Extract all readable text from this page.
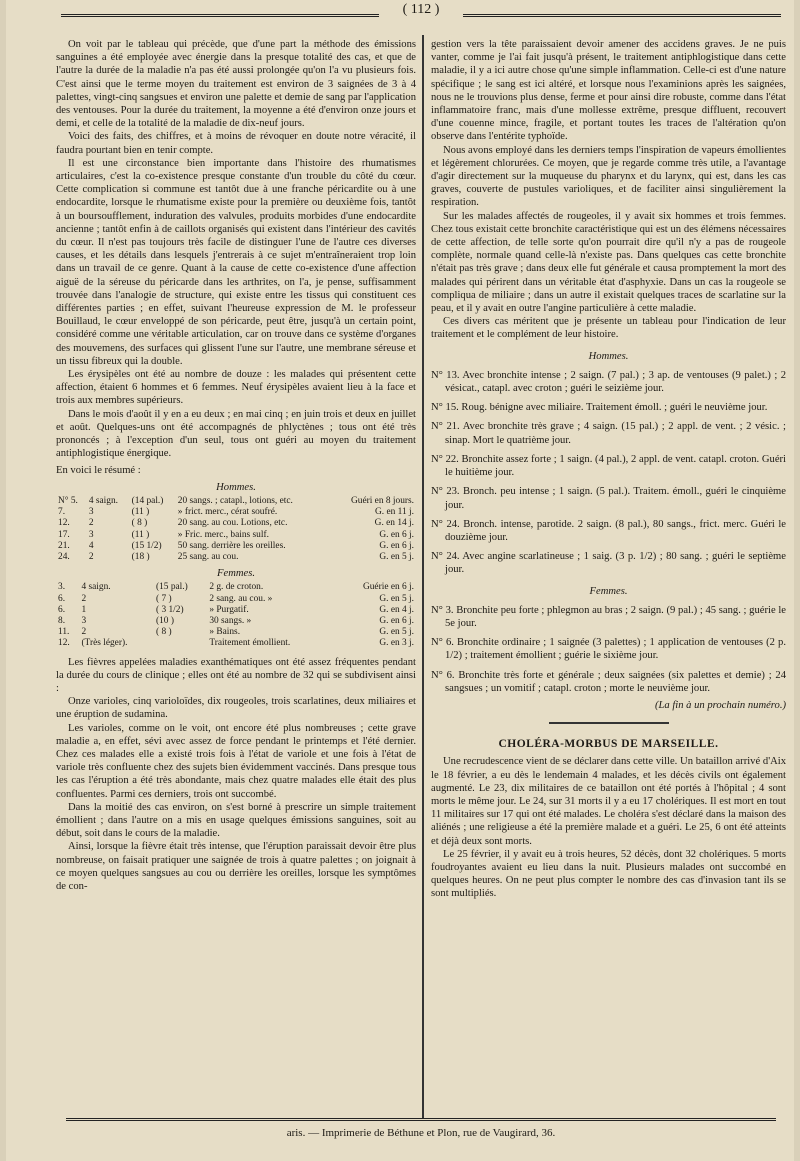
( 112 )

On voit par le tableau qui précède, que d'une part la méthode des émissions sanguines a été employée avec énergie dans la presque totalité des cas, et que de l'autre la durée de la maladie n'a pas été aussi prolongée qu'on l'a vu plusieurs fois. C'est ainsi que le terme moyen du traitement est environ de 3 saignées de 3 à 4 palettes, vingt-cinq sangsues et environ une palette et demie de sang par l'application des ventouses. Pour la durée du traitement, la moyenne a été d'environ onze jours et demi, et celle de la totalité de la maladie de dix-neuf jours.

Voici des faits, des chiffres, et à moins de révoquer en doute notre véracité, il faudra pourtant bien en tenir compte.

Il est une circonstance bien importante dans l'histoire des rhumatismes articulaires, c'est la co-existence presque constante d'un trouble du côté du cœur. Cette complication si commune est tantôt due à une franche péricardite ou à une endocardite, lorsque le rhumatisme existe pour la première ou deuxième fois, tantôt à un boursoufflement, induration des valvules, produits morbides d'une endocardite ancienne ; tantôt enfin à de caillots organisés qui existent dans l'intérieur des cavités du cœur. Il n'est pas toujours très facile de distinguer l'une de l'autre ces diverses causes, et les détails dans lesquels j'entrerais à ce sujet m'entraîneraient trop loin dans un travail de ce genre. Quant à la cause de cette co-existence d'une affection aiguë de la séreuse du péricarde dans les arthrites, on l'a, je pense, suffisamment trouvée dans l'analogie de structure, qui existe entre les tissus qui constituent ces différentes parties ; en effet, suivant l'heureuse expression de M. le professeur Bouillaud, le cœur enveloppé de son péricarde, peut être, jusqu'à un certain point, considéré comme une véritable articulation, car on trouve dans ce système d'organes des mouvemens, des surfaces qui glissent l'une sur l'autre, une membrane séreuse et un tissu fibreux qui la double.

Les érysipèles ont été au nombre de douze : les malades qui présentent cette affection, étaient 6 hommes et 6 femmes. Neuf érysipèles avaient lieu à la face et trois aux membres supérieurs.

Dans le mois d'août il y en a eu deux ; en mai cinq ; en juin trois et deux en juillet et août. Quelques-uns ont été accompagnés de phlyctènes ; tous ont été très prononcés ; à l'exception d'un seul, tous ont guéri au moyen du traitement antiphlogistique énergique.

En voici le résumé :

Hommes.
N° 5.	4 saign.	(14 pal.)	20 sangs. ; catapl., lotions, etc.	Guéri en 8 jours.
7.	3	(11 )	» frict. merc., cérat soufré.	G. en 11 j.
12.	2	( 8 )	20 sang. au cou. Lotions, etc.	G. en 14 j.
17.	3	(11 )	» Fric. merc., bains sulf.	G. en 6 j.
21.	4	(15 1/2)	50 sang. derrière les oreilles.	G. en 6 j.
24.	2	(18 )	25 sang. au cou.	G. en 5 j.
Femmes.
3.	4 saign.	(15 pal.)	2 g. de croton.	Guérie en 6 j.
6.	2	( 7 )	2 sang. au cou. »	G. en 5 j.
6.	1	( 3 1/2)	» Purgatif.	G. en 4 j.
8.	3	(10 )	30 sangs. »	G. en 6 j.
11.	2	( 8 )	» Bains.	G. en 5 j.
12.	(Très léger).		Traitement émollient.	G. en 3 j.

Les fièvres appelées maladies exanthématiques ont été assez fréquentes pendant la durée du cours de clinique ; elles ont été au nombre de 32 qui se subdivisent ainsi :

Onze varioles, cinq varioloïdes, dix rougeoles, trois scarlatines, deux miliaires et une éruption de sudamina.

Les varioles, comme on le voit, ont encore été plus nombreuses ; cette grave maladie a, en effet, sévi avec assez de force pendant le printemps et l'été dernier. Chez ces malades elle a existé trois fois à l'état de variole et une fois à l'état de variole très confluente chez des sujets bien évidemment vaccinés. Dans presque tous les cas l'éruption a été très abondante, mais chez quatre malades elle était des plus confluentes. Parmi ces derniers, trois ont succombé.

Dans la moitié des cas environ, on s'est borné à prescrire un simple traitement émollient ; dans l'autre on a mis en usage quelques émissions sanguines, soit au début, soit dans le cours de la maladie.

Ainsi, lorsque la fièvre était très intense, que l'éruption paraissait devoir être plus nombreuse, on faisait pratiquer une saignée de trois à quatre palettes ; on joignait à ce moyen quelques sangsues au cou ou derrière les oreilles, lorsque les symptômes de con-

gestion vers la tête paraissaient devoir amener des accidens graves. Je ne puis vanter, comme je l'ai fait jusqu'à présent, le traitement antiphlogistique dans cette maladie, il y a ici autre chose qu'une simple inflammation. Celle-ci est d'une nature spécifique ; le sang est ici altéré, et lorsque nous l'examinions après les saignées, nous ne le trouvions plus dense, ferme et pour ainsi dire robuste, comme dans l'état inflammatoire franc, mais d'une mollesse extrême, presque diffluent, recouvert d'une couenne mince, fragile, et portant toutes les traces de l'altération qu'on observe dans l'entérite typhoïde.

Nous avons employé dans les derniers temps l'inspiration de vapeurs émollientes et légèrement chlorurées. Ce moyen, que je regarde comme très utile, a l'avantage d'agir directement sur la muqueuse du pharynx et du larynx, qui est, dans les cas graves, couverte de pustules varioliques, et de faciliter ainsi singulièrement la respiration.

Sur les malades affectés de rougeoles, il y avait six hommes et trois femmes. Chez tous existait cette bronchite caractéristique qui est un des élémens nécessaires de cette affection, de telle sorte qu'on pourrait dire qu'il n'y a pas de rougeole complète, normale quand celle-là n'existe pas. Dans quelques cas cette bronchite n'était pas très grave ; dans deux elle fut générale et causa promptement la mort des malades qui périrent dans un véritable état d'asphyxie. Dans un cas la rougeole se compliqua de miliaire ; dans un autre il existait quelques traces de scarlatine sur la peau, et il y avait en outre l'angine particulière à cette maladie.

Ces divers cas méritent que je présente un tableau pour l'indication de leur traitement et le complément de leur histoire.

Hommes.
N° 13. Avec bronchite intense ; 2 saign. (7 pal.) ; 3 ap. de ventouses (9 palet.) ; 2 vésicat., catapl. avec croton ; guéri le seizième jour.
N° 15. Roug. bénigne avec miliaire. Traitement émoll. ; guéri le neuvième jour.
N° 21. Avec bronchite très grave ; 4 saign. (15 pal.) ; 2 appl. de vent. ; 2 vésic. ; sinap. Mort le quatrième jour.
N° 22. Bronchite assez forte ; 1 saign. (4 pal.), 2 appl. de vent. catapl. croton. Guéri le huitième jour.
N° 23. Bronch. peu intense ; 1 saign. (5 pal.). Traitem. émoll., guéri le cinquième jour.
N° 24. Bronch. intense, parotide. 2 saign. (8 pal.), 80 sangs., frict. merc. Guéri le douzième jour.
N° 24. Avec angine scarlatineuse ; 1 saig. (3 p. 1/2) ; 80 sang. ; guéri le septième jour.
Femmes.
N° 3. Bronchite peu forte ; phlegmon au bras ; 2 saign. (9 pal.) ; 45 sang. ; guérie le 5e jour.
N° 6. Bronchite ordinaire ; 1 saignée (3 palettes) ; 1 application de ventouses (2 p. 1/2) ; traitement émollient ; guérie le sixième jour.
N° 6. Bronchite très forte et générale ; deux saignées (six palettes et demie) ; 24 sangsues ; un vomitif ; catapl. croton ; morte le neuvième jour.
(La fin à un prochain numéro.)
CHOLÉRA-MORBUS DE MARSEILLE.

Une recrudescence vient de se déclarer dans cette ville. Un bataillon arrivé d'Aix le 18 février, a eu dès le lendemain 4 malades, et les décès civils ont également augmenté. Le 23, dix militaires de ce bataillon ont été portés à l'hôpital ; 4 sont morts le même jour. Le 24, sur 31 morts il y a eu 17 cholériques. Il est mort en tout 11 militaires sur 17 qui ont été malades. Le choléra s'est déclaré dans la maison des aliénés ; une religieuse a été la première malade et a guéri. Le 25, 6 ont été atteints et déjà deux sont morts.

Le 25 février, il y avait eu à trois heures, 52 décès, dont 32 cholériques. 5 morts foudroyantes avaient eu lieu dans la nuit. Plusieurs malades ont succombé en quelques heures. On ne peut plus compter le nombre des cas d'invasion tant ils se sont multipliés.

aris. — Imprimerie de Béthune et Plon, rue de Vaugirard, 36.
